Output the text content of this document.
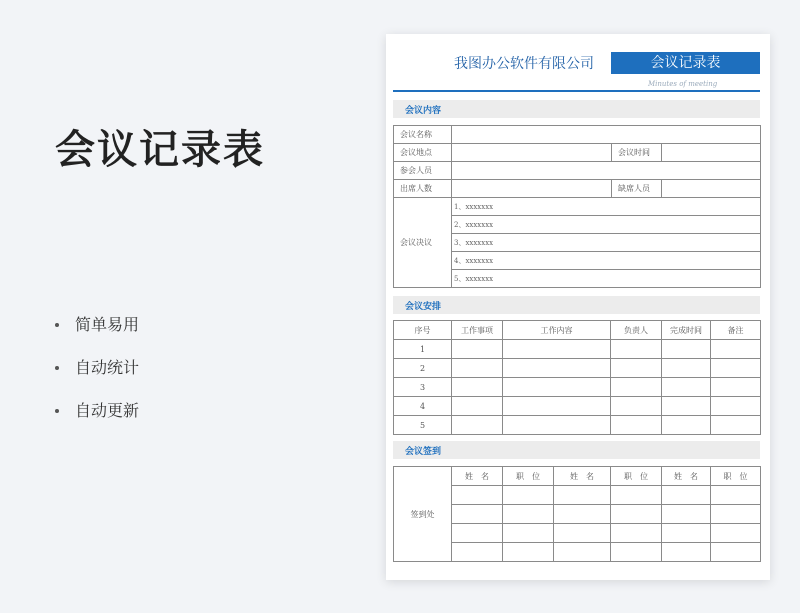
会议记录表
简单易用
自动统计
自动更新
我图办公软件有限公司	会议记录表
Minutes of meeting
会议内容
会议名称			
会议地点		会议时间	
参会人员			
出席人数		缺席人员	
会议决议	1、xxxxxxx		
	2、xxxxxxx		
	3、xxxxxxx		
	4、xxxxxxx		
	5、xxxxxxx		
会议安排
序号	工作事项	工作内容	负责人	完成时间	备注
1					
2					
3					
4					
5					
会议签到
签到处	姓　名	职　位	姓　名	职　位	姓　名	职　位
